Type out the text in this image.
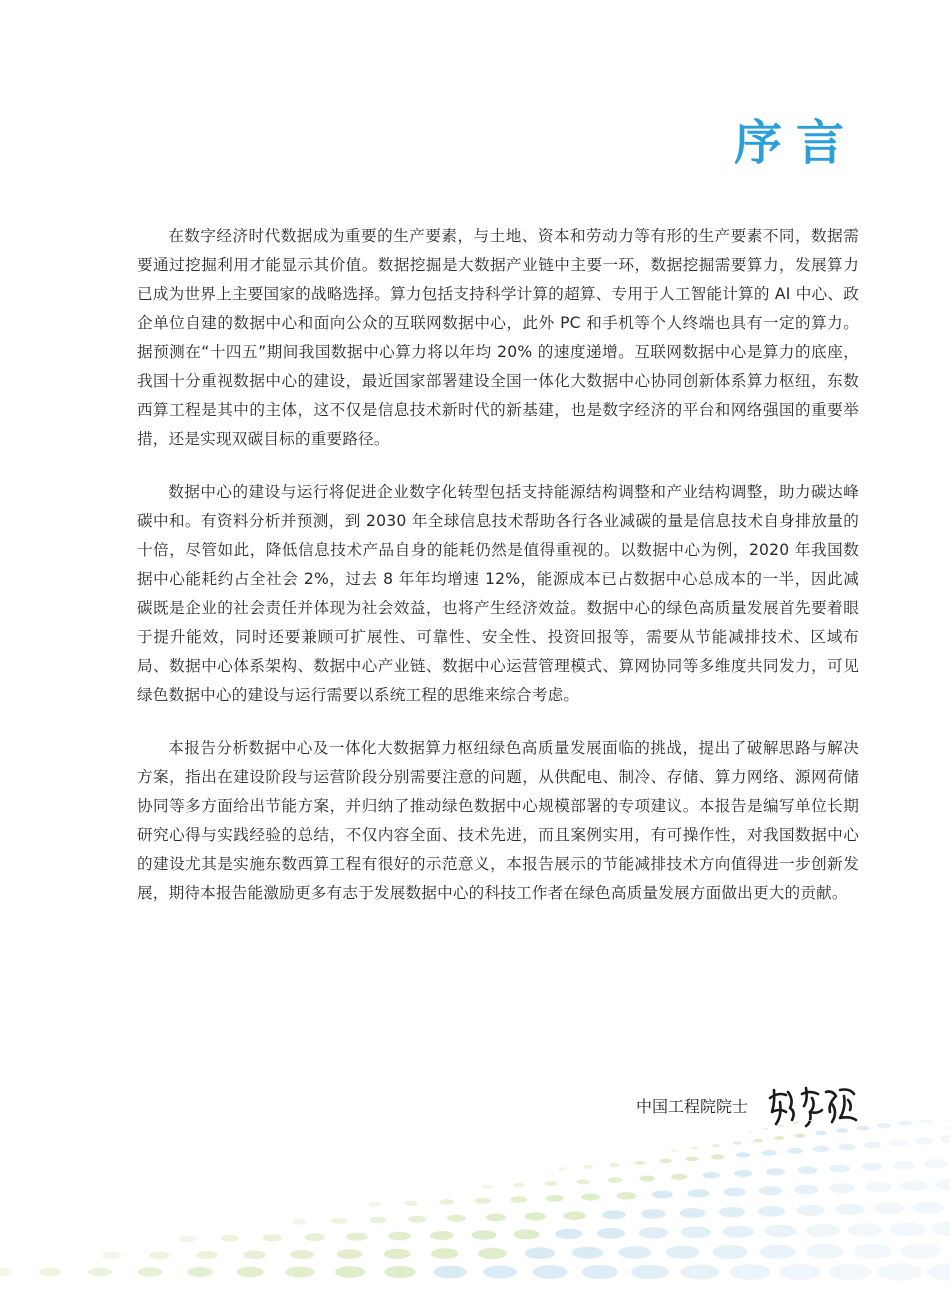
序言

在数字经济时代数据成为重要的生产要素，与土地、资本和劳动力等有形的生产要素不同，数据需要通过挖掘利用才能显示其价值。数据挖掘是大数据产业链中主要一环，数据挖掘需要算力，发展算力已成为世界上主要国家的战略选择。算力包括支持科学计算的超算、专用于人工智能计算的 AI 中心、政企单位自建的数据中心和面向公众的互联网数据中心，此外 PC 和手机等个人终端也具有一定的算力。据预测在“十四五”期间我国数据中心算力将以年均 20% 的速度递增。互联网数据中心是算力的底座，我国十分重视数据中心的建设，最近国家部署建设全国一体化大数据中心协同创新体系算力枢纽，东数西算工程是其中的主体，这不仅是信息技术新时代的新基建，也是数字经济的平台和网络强国的重要举措，还是实现双碳目标的重要路径。

数据中心的建设与运行将促进企业数字化转型包括支持能源结构调整和产业结构调整，助力碳达峰碳中和。有资料分析并预测，到 2030 年全球信息技术帮助各行各业减碳的量是信息技术自身排放量的十倍，尽管如此，降低信息技术产品自身的能耗仍然是值得重视的。以数据中心为例，2020 年我国数据中心能耗约占全社会 2%，过去 8 年年均增速 12%，能源成本已占数据中心总成本的一半，因此减碳既是企业的社会责任并体现为社会效益，也将产生经济效益。数据中心的绿色高质量发展首先要着眼于提升能效，同时还要兼顾可扩展性、可靠性、安全性、投资回报等，需要从节能减排技术、区域布局、数据中心体系架构、数据中心产业链、数据中心运营管理模式、算网协同等多维度共同发力，可见绿色数据中心的建设与运行需要以系统工程的思维来综合考虑。

本报告分析数据中心及一体化大数据算力枢纽绿色高质量发展面临的挑战，提出了破解思路与解决方案，指出在建设阶段与运营阶段分别需要注意的问题，从供配电、制冷、存储、算力网络、源网荷储协同等多方面给出节能方案，并归纳了推动绿色数据中心规模部署的专项建议。本报告是编写单位长期研究心得与实践经验的总结，不仅内容全面、技术先进，而且案例实用，有可操作性，对我国数据中心的建设尤其是实施东数西算工程有很好的示范意义，本报告展示的节能减排技术方向值得进一步创新发展，期待本报告能激励更多有志于发展数据中心的科技工作者在绿色高质量发展方面做出更大的贡献。

中国工程院院士
